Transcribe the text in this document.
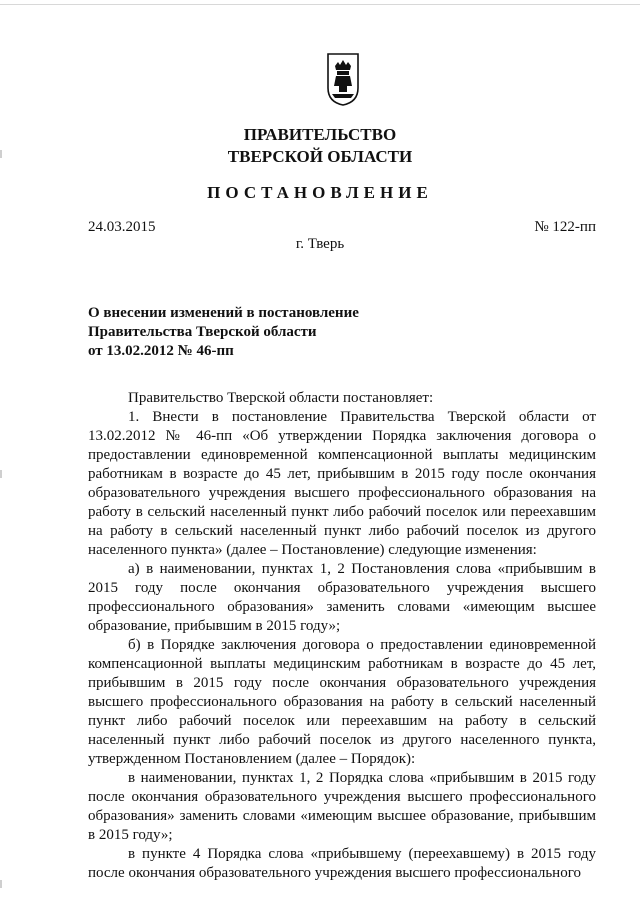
ПРАВИТЕЛЬСТВО
ТВЕРСКОЙ ОБЛАСТИ
ПОСТАНОВЛЕНИЕ
24.03.2015	№ 122-пп
г. Тверь
О внесении изменений в постановление
Правительства Тверской области
от 13.02.2012 № 46-пп

Правительство Тверской области постановляет:

1. Внести в постановление Правительства Тверской области от 13.02.2012 № 46-пп «Об утверждении Порядка заключения договора о предоставлении единовременной компенсационной выплаты медицинским работникам в возрасте до 45 лет, прибывшим в 2015 году после окончания образовательного учреждения высшего профессионального образования на работу в сельский населенный пункт либо рабочий поселок или переехавшим на работу в сельский населенный пункт либо рабочий поселок из другого населенного пункта» (далее – Постановление) следующие изменения:

а) в наименовании, пунктах 1, 2 Постановления слова «прибывшим в 2015 году после окончания образовательного учреждения высшего профессионального образования» заменить словами «имеющим высшее образование, прибывшим в 2015 году»;

б) в Порядке заключения договора о предоставлении единовременной компенсационной выплаты медицинским работникам в возрасте до 45 лет, прибывшим в 2015 году после окончания образовательного учреждения высшего профессионального образования на работу в сельский населенный пункт либо рабочий поселок или переехавшим на работу в сельский населенный пункт либо рабочий поселок из другого населенного пункта, утвержденном Постановлением (далее – Порядок):

в наименовании, пунктах 1, 2 Порядка слова «прибывшим в 2015 году после окончания образовательного учреждения высшего профессионального образования» заменить словами «имеющим высшее образование, прибывшим в 2015 году»;

в пункте 4 Порядка слова «прибывшему (переехавшему) в 2015 году после окончания образовательного учреждения высшего профессионального
